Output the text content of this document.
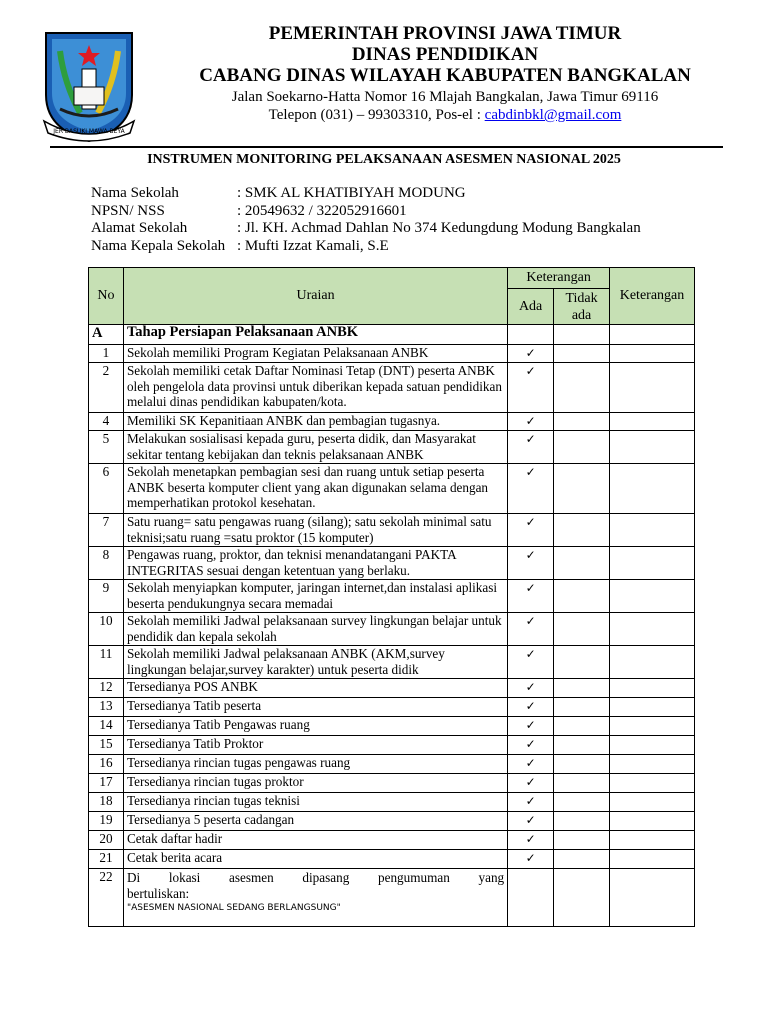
JER BASUKI MAWA BEYA
PEMERINTAH PROVINSI JAWA TIMUR
DINAS PENDIDIKAN
CABANG DINAS WILAYAH KABUPATEN BANGKALAN
Jalan Soekarno-Hatta Nomor 16 Mlajah Bangkalan, Jawa Timur 69116
Telepon (031) – 99303310, Pos-el : cabdinbkl@gmail.com
INSTRUMEN MONITORING PELAKSANAAN ASESMEN NASIONAL 2025
Nama Sekolah	: SMK AL KHATIBIYAH MODUNG
NPSN/ NSS	: 20549632 / 322052916601
Alamat Sekolah	: Jl. KH. Achmad Dahlan No 374 Kedungdung Modung Bangkalan
Nama Kepala Sekolah : Mufti Izzat Kamali, S.E
No	Uraian	Keterangan		Keterangan
		Ada	Tidak
ada	
A	Tahap Persiapan Pelaksanaan ANBK			
1	Sekolah memiliki Program Kegiatan Pelaksanaan ANBK	✓		
2	Sekolah memiliki cetak Daftar Nominasi Tetap (DNT) peserta ANBK oleh pengelola data provinsi untuk diberikan kepada satuan pendidikan melalui dinas pendidikan kabupaten/kota.	✓		
4	Memiliki SK Kepanitiaan ANBK dan pembagian tugasnya.	✓		
5	Melakukan sosialisasi kepada guru, peserta didik, dan Masyarakat sekitar tentang kebijakan dan teknis pelaksanaan ANBK	✓		
6	Sekolah menetapkan pembagian sesi dan ruang untuk setiap peserta ANBK beserta komputer client yang akan digunakan selama dengan memperhatikan protokol kesehatan.	✓		
7	Satu ruang= satu pengawas ruang (silang); satu sekolah minimal satu teknisi;satu ruang =satu proktor (15 komputer)	✓		
8	Pengawas ruang, proktor, dan teknisi menandatangani PAKTA INTEGRITAS sesuai dengan ketentuan yang berlaku.	✓		
9	Sekolah menyiapkan komputer, jaringan internet,dan instalasi aplikasi beserta pendukungnya secara memadai	✓		
10	Sekolah memiliki Jadwal pelaksanaan survey lingkungan belajar untuk pendidik dan kepala sekolah	✓		
11	Sekolah memiliki Jadwal pelaksanaan ANBK (AKM,survey lingkungan belajar,survey karakter) untuk peserta didik	✓		
12	Tersedianya POS ANBK	✓		
13	Tersedianya Tatib peserta	✓		
14	Tersedianya Tatib Pengawas ruang	✓		
15	Tersedianya Tatib Proktor	✓		
16	Tersedianya rincian tugas pengawas ruang	✓		
17	Tersedianya rincian tugas proktor	✓		
18	Tersedianya rincian tugas teknisi	✓		
19	Tersedianya 5 peserta cadangan	✓		
20	Cetak daftar hadir	✓		
21	Cetak berita acara	✓		
22	Di lokasi asesmen dipasang pengumuman yang
bertuliskan:
"ASESMEN NASIONAL SEDANG BERLANGSUNG"			
